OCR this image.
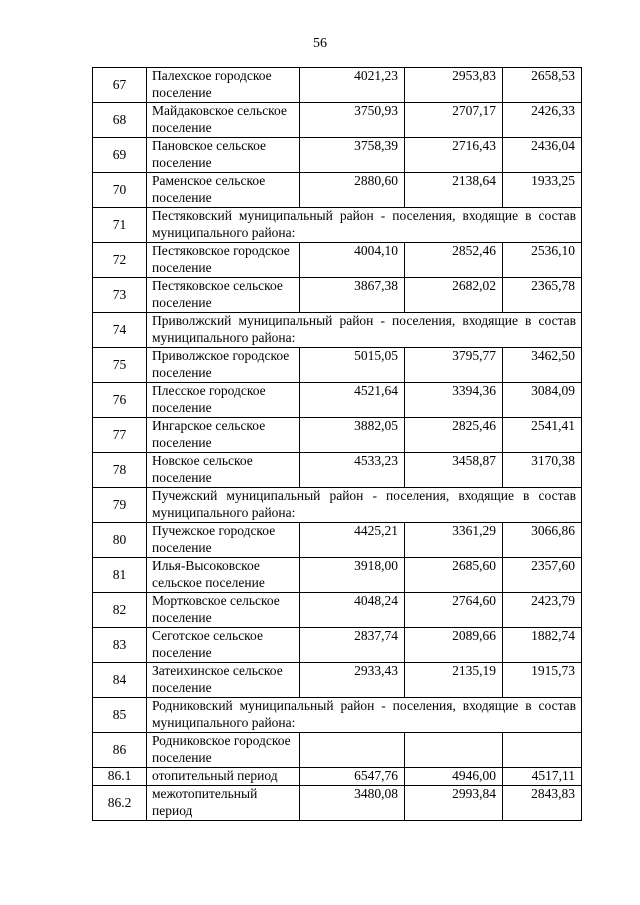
56
67	Палехское городское поселение	4021,23	2953,83	2658,53
68	Майдаковское сельское поселение	3750,93	2707,17	2426,33
69	Пановское сельское поселение	3758,39	2716,43	2436,04
70	Раменское сельское поселение	2880,60	2138,64	1933,25
71	Пестяковский муниципальный район - поселения, входящие в состав муниципального района:			
72	Пестяковское городское поселение	4004,10	2852,46	2536,10
73	Пестяковское сельское поселение	3867,38	2682,02	2365,78
74	Приволжский муниципальный район - поселения, входящие в состав муниципального района:			
75	Приволжское городское поселение	5015,05	3795,77	3462,50
76	Плесское городское поселение	4521,64	3394,36	3084,09
77	Ингарское сельское поселение	3882,05	2825,46	2541,41
78	Новское сельское поселение	4533,23	3458,87	3170,38
79	Пучежский муниципальный район - поселения, входящие в состав муниципального района:			
80	Пучежское городское поселение	4425,21	3361,29	3066,86
81	Илья-Высоковское сельское поселение	3918,00	2685,60	2357,60
82	Мортковское сельское поселение	4048,24	2764,60	2423,79
83	Сеготское сельское поселение	2837,74	2089,66	1882,74
84	Затеихинское сельское поселение	2933,43	2135,19	1915,73
85	Родниковский муниципальный район - поселения, входящие в состав муниципального района:			
86	Родниковское городское поселение			
86.1	отопительный период	6547,76	4946,00	4517,11
86.2	межотопительный период	3480,08	2993,84	2843,83
